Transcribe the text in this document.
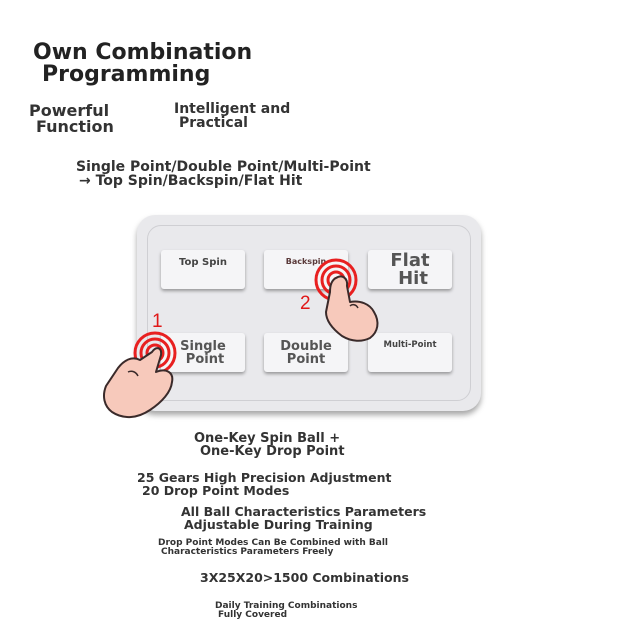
Own Combination
Programming
Powerful
Function
Intelligent and
Practical
Single Point/Double Point/Multi-Point
→ Top Spin/Backspin/Flat Hit
Top Spin	Backspin	Flat
Hit
Single
Point
Double
Point
Multi-Point
1
2
One-Key Spin Ball +
One-Key Drop Point
25 Gears High Precision Adjustment
20 Drop Point Modes
All Ball Characteristics Parameters
Adjustable During Training
Drop Point Modes Can Be Combined with Ball
Characteristics Parameters Freely
3X25X20>1500 Combinations
Daily Training Combinations
Fully Covered
